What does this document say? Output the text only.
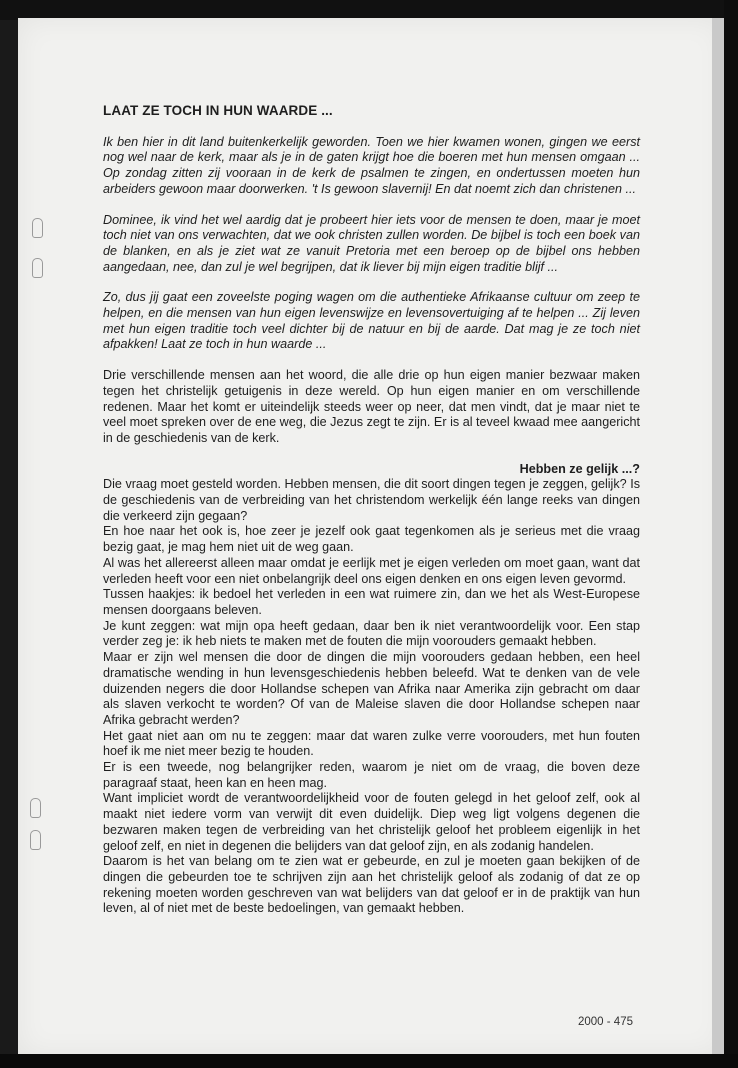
LAAT ZE TOCH IN HUN WAARDE ...

Ik ben hier in dit land buitenkerkelijk geworden. Toen we hier kwamen wonen, gingen we eerst nog wel naar de kerk, maar als je in de gaten krijgt hoe die boeren met hun mensen omgaan ... Op zondag zitten zij vooraan in de kerk de psalmen te zingen, en ondertussen moeten hun arbeiders gewoon maar doorwerken. 't Is gewoon slavernij! En dat noemt zich dan christenen ...

Dominee, ik vind het wel aardig dat je probeert hier iets voor de mensen te doen, maar je moet toch niet van ons verwachten, dat we ook christen zullen worden. De bijbel is toch een boek van de blanken, en als je ziet wat ze vanuit Pretoria met een beroep op de bijbel ons hebben aangedaan, nee, dan zul je wel begrijpen, dat ik liever bij mijn eigen traditie blijf ...

Zo, dus jij gaat een zoveelste poging wagen om die authentieke Afrikaanse cultuur om zeep te helpen, en die mensen van hun eigen levenswijze en levensovertuiging af te helpen ... Zij leven met hun eigen traditie toch veel dichter bij de natuur en bij de aarde. Dat mag je ze toch niet afpakken! Laat ze toch in hun waarde ...

Drie verschillende mensen aan het woord, die alle drie op hun eigen manier bezwaar maken tegen het christelijk getuigenis in deze wereld. Op hun eigen manier en om verschillende redenen. Maar het komt er uiteindelijk steeds weer op neer, dat men vindt, dat je maar niet te veel moet spreken over de ene weg, die Jezus zegt te zijn. Er is al teveel kwaad mee aangericht in de geschiedenis van de kerk.

Hebben ze gelijk ...?

Die vraag moet gesteld worden. Hebben mensen, die dit soort dingen tegen je zeggen, gelijk? Is de geschiedenis van de verbreiding van het christendom werkelijk één lange reeks van dingen die verkeerd zijn gegaan?

En hoe naar het ook is, hoe zeer je jezelf ook gaat tegenkomen als je serieus met die vraag bezig gaat, je mag hem niet uit de weg gaan.

Al was het allereerst alleen maar omdat je eerlijk met je eigen verleden om moet gaan, want dat verleden heeft voor een niet onbelangrijk deel ons eigen denken en ons eigen leven gevormd.

Tussen haakjes: ik bedoel het verleden in een wat ruimere zin, dan we het als West-Europese mensen doorgaans beleven.

Je kunt zeggen: wat mijn opa heeft gedaan, daar ben ik niet verantwoordelijk voor. Een stap verder zeg je: ik heb niets te maken met de fouten die mijn voorouders gemaakt hebben.

Maar er zijn wel mensen die door de dingen die mijn voorouders gedaan hebben, een heel dramatische wending in hun levensgeschiedenis hebben beleefd. Wat te denken van de vele duizenden negers die door Hollandse schepen van Afrika naar Amerika zijn gebracht om daar als slaven verkocht te worden? Of van de Maleise slaven die door Hollandse schepen naar Afrika gebracht werden?

Het gaat niet aan om nu te zeggen: maar dat waren zulke verre voorouders, met hun fouten hoef ik me niet meer bezig te houden.

Er is een tweede, nog belangrijker reden, waarom je niet om de vraag, die boven deze paragraaf staat, heen kan en heen mag.

Want impliciet wordt de verantwoordelijkheid voor de fouten gelegd in het geloof zelf, ook al maakt niet iedere vorm van verwijt dit even duidelijk. Diep weg ligt volgens degenen die bezwaren maken tegen de verbreiding van het christelijk geloof het probleem eigenlijk in het geloof zelf, en niet in degenen die belijders van dat geloof zijn, en als zodanig handelen.

Daarom is het van belang om te zien wat er gebeurde, en zul je moeten gaan bekijken of de dingen die gebeurden toe te schrijven zijn aan het christelijk geloof als zodanig of dat ze op rekening moeten worden geschreven van wat belijders van dat geloof er in de praktijk van hun leven, al of niet met de beste bedoelingen, van gemaakt hebben.

2000 - 475
